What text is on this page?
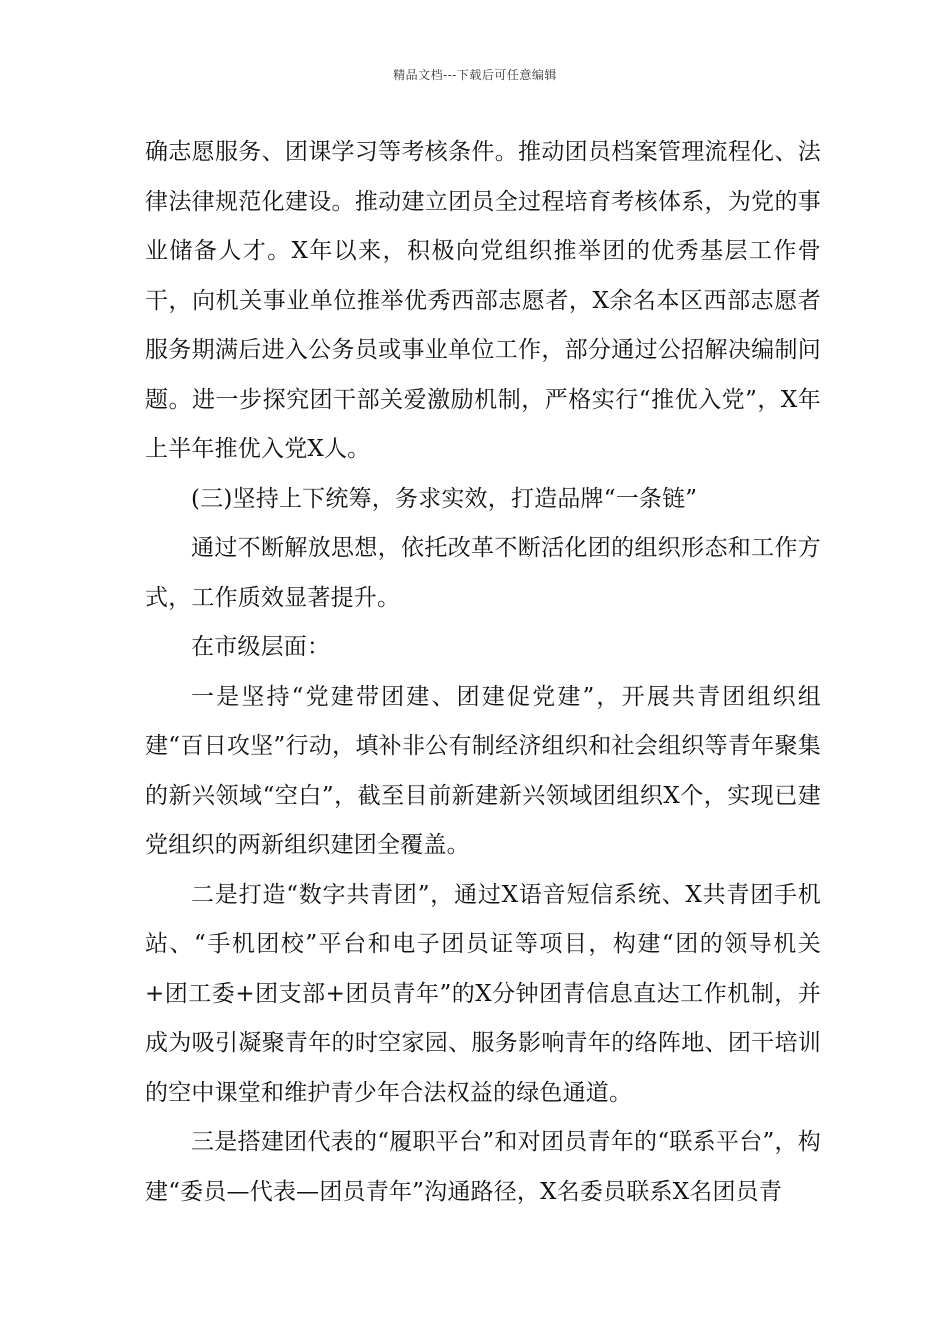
精品文档---下载后可任意编辑

确志愿服务、团课学习等考核条件。推动团员档案管理流程化、法律法律规范化建设。推动建立团员全过程培育考核体系，为党的事业储备人才。X年以来，积极向党组织推举团的优秀基层工作骨干，向机关事业单位推举优秀西部志愿者，X余名本区西部志愿者服务期满后进入公务员或事业单位工作，部分通过公招解决编制问题。进一步探究团干部关爱激励机制，严格实行“推优入党”，X年上半年推优入党X人。

(三)坚持上下统筹，务求实效，打造品牌“一条链”

通过不断解放思想，依托改革不断活化团的组织形态和工作方式，工作质效显著提升。

在市级层面：

一是坚持“党建带团建、团建促党建”，开展共青团组织组建“百日攻坚”行动，填补非公有制经济组织和社会组织等青年聚集的新兴领域“空白”，截至目前新建新兴领域团组织X个，实现已建党组织的两新组织建团全覆盖。

二是打造“数字共青团”，通过X语音短信系统、X共青团手机站、“手机团校”平台和电子团员证等项目，构建“团的领导机关+团工委+团支部+团员青年”的X分钟团青信息直达工作机制，并成为吸引凝聚青年的时空家园、服务影响青年的络阵地、团干培训的空中课堂和维护青少年合法权益的绿色通道。

三是搭建团代表的“履职平台”和对团员青年的“联系平台”，构建“委员—代表—团员青年”沟通路径，X名委员联系X名团员青
